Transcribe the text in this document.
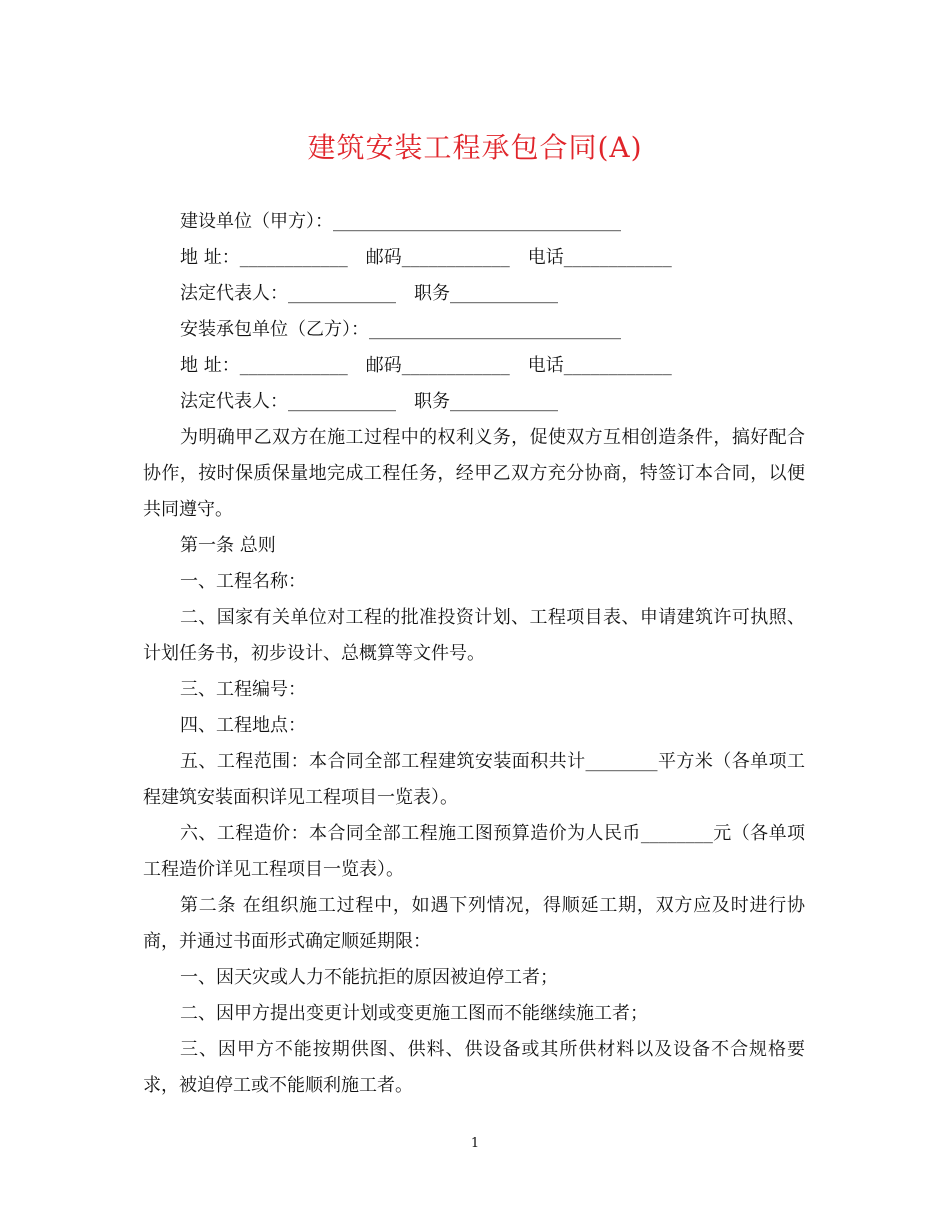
建筑安装工程承包合同(A)

建设单位（甲方）：________________________________

地 址：____________ 邮码____________ 电话____________

法定代表人：____________ 职务____________

安装承包单位（乙方）：____________________________

地 址：____________ 邮码____________ 电话____________

法定代表人：____________ 职务____________

为明确甲乙双方在施工过程中的权利义务，促使双方互相创造条件，搞好配合协作，按时保质保量地完成工程任务，经甲乙双方充分协商，特签订本合同，以便共同遵守。

第一条 总则

一、工程名称：

二、国家有关单位对工程的批准投资计划、工程项目表、申请建筑许可执照、计划任务书，初步设计、总概算等文件号。

三、工程编号：

四、工程地点：

五、工程范围：本合同全部工程建筑安装面积共计________平方米（各单项工程建筑安装面积详见工程项目一览表）。

六、工程造价：本合同全部工程施工图预算造价为人民币________元（各单项工程造价详见工程项目一览表）。

第二条 在组织施工过程中，如遇下列情况，得顺延工期，双方应及时进行协商，并通过书面形式确定顺延期限：

一、因天灾或人力不能抗拒的原因被迫停工者；

二、因甲方提出变更计划或变更施工图而不能继续施工者；

三、因甲方不能按期供图、供料、供设备或其所供材料以及设备不合规格要求，被迫停工或不能顺利施工者。

1
